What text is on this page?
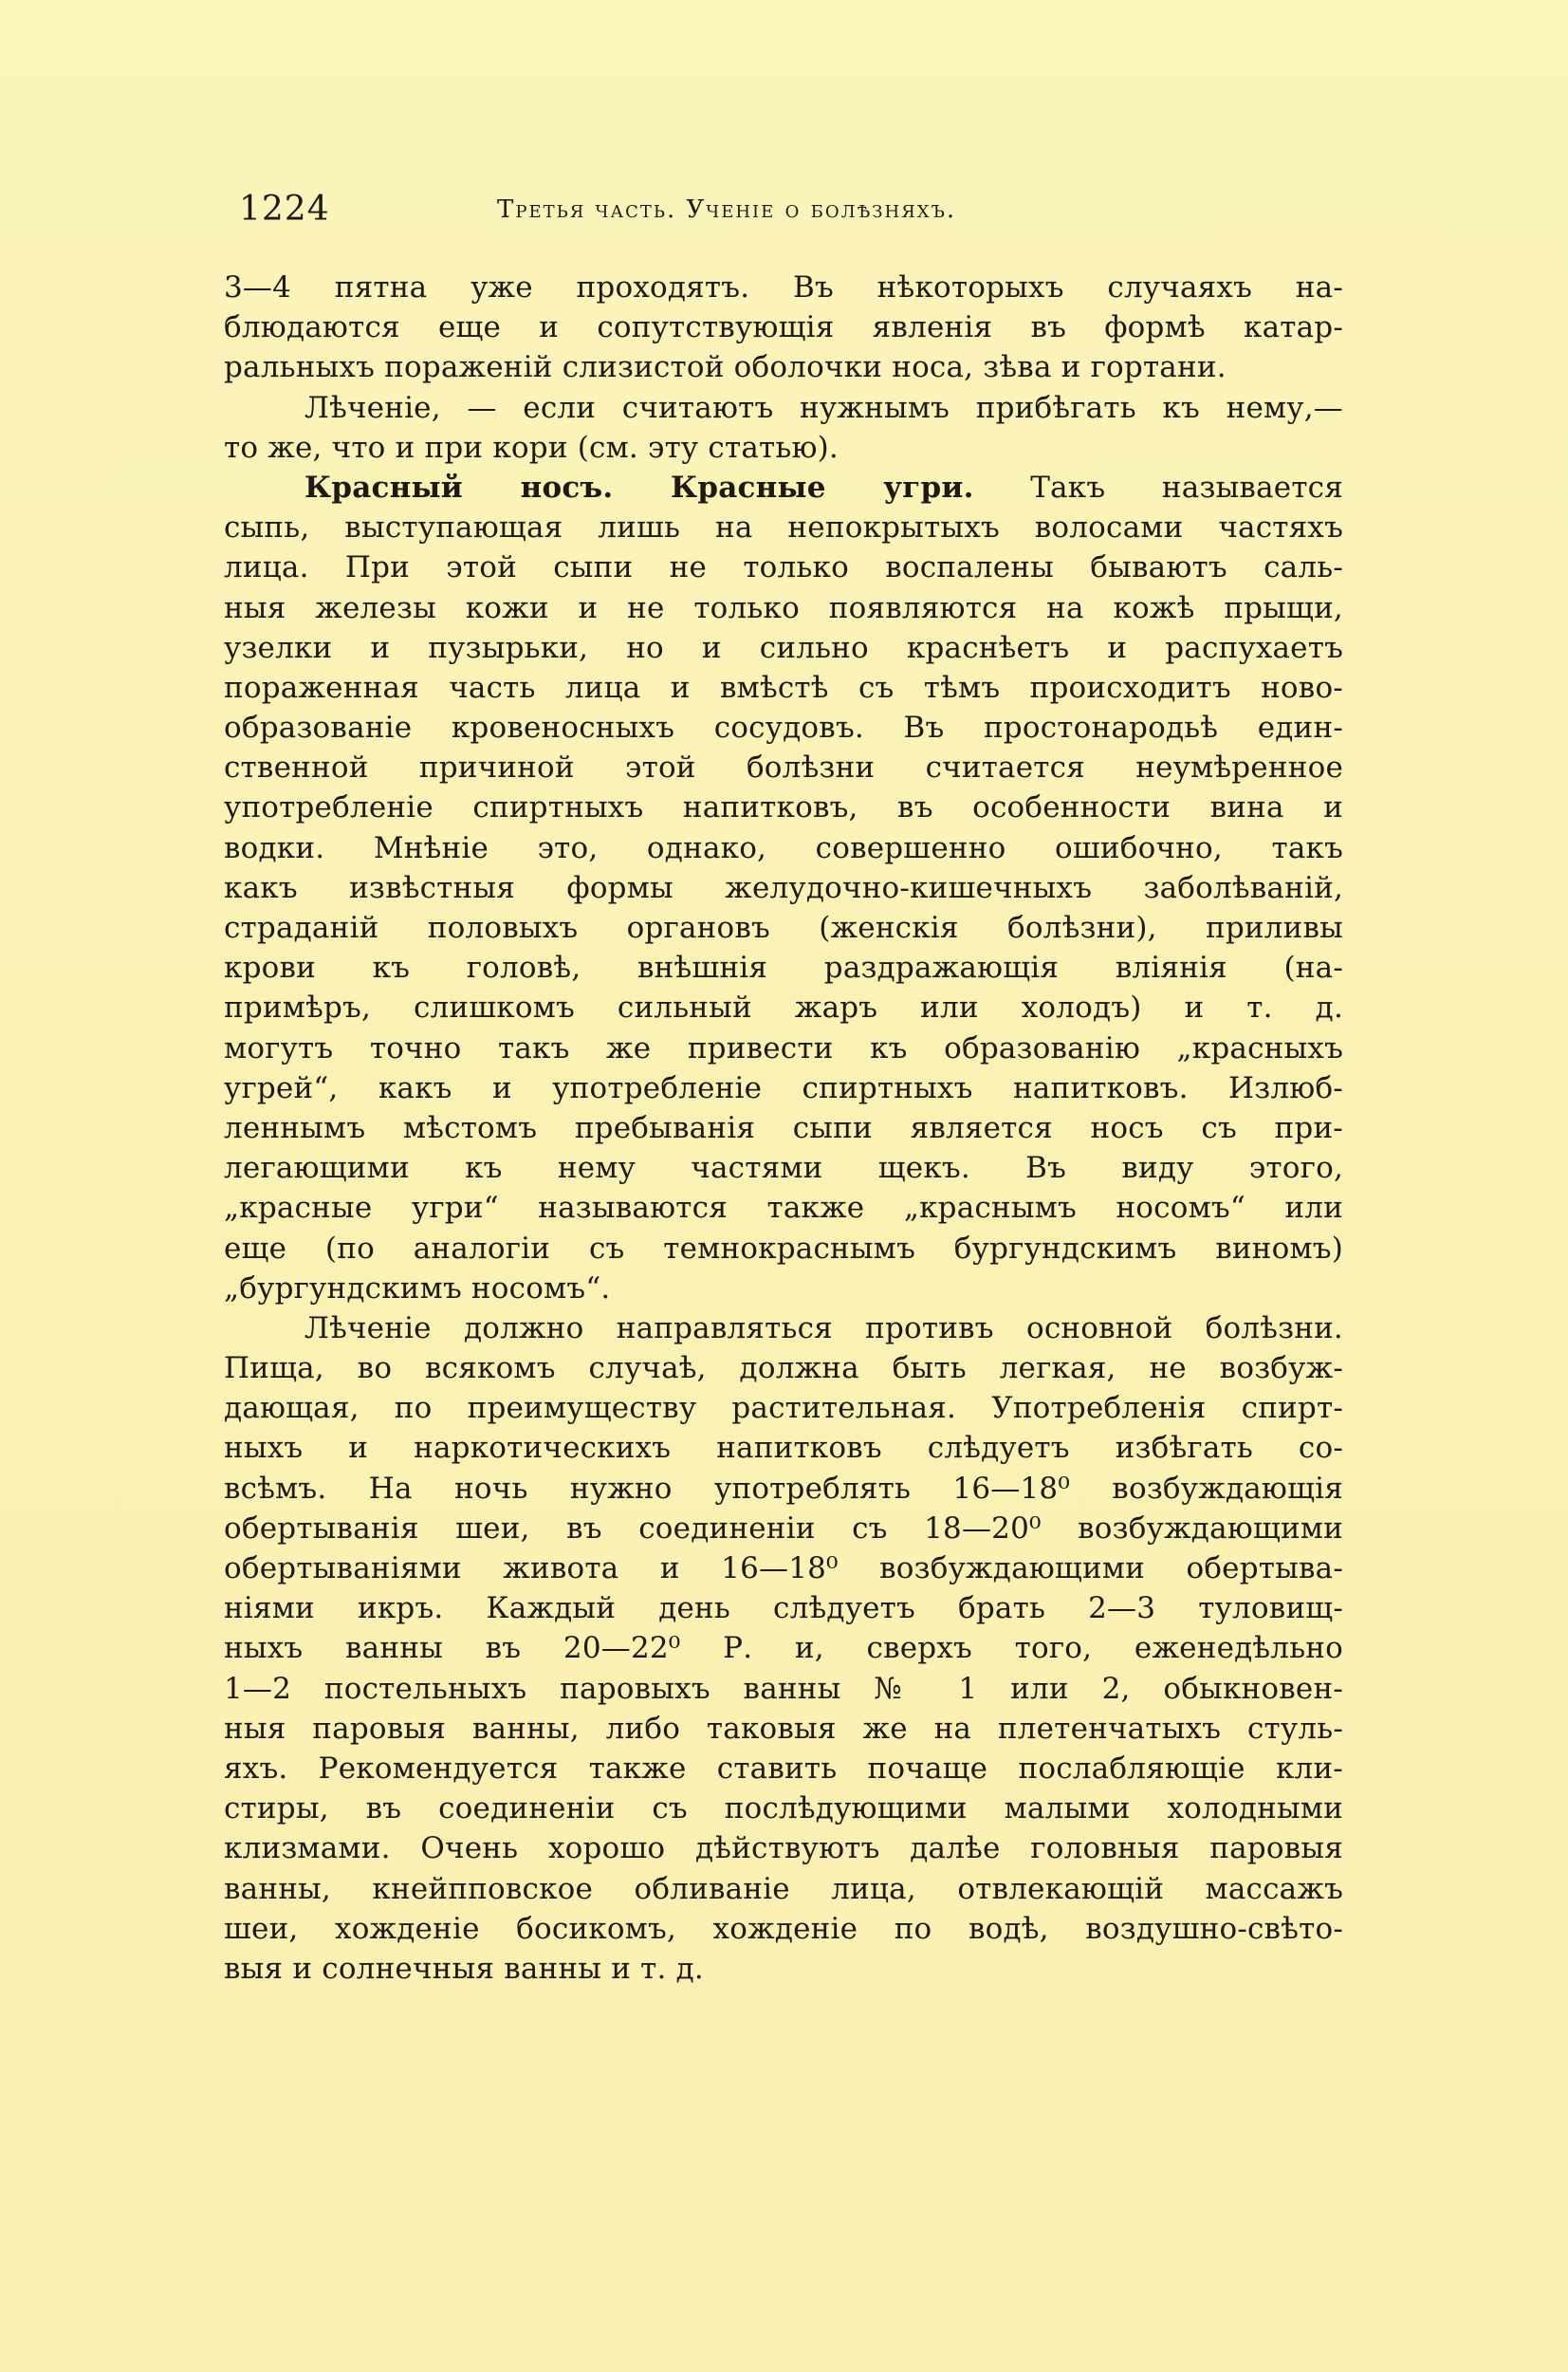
1224	Третья часть. Ученіе о болѣзняхъ.
3—4 пятна уже проходятъ. Въ нѣкоторыхъ случаяхъ на-
блюдаются еще и сопутствующія явленія въ формѣ катар-
ральныхъ пораженій слизистой оболочки носа, зѣва и гортани.
Лѣченіе, — если считаютъ нужнымъ прибѣгать къ нему,—
то же, что и при кори (см. эту статью).
Красный носъ. Красные угри. Такъ называется
сыпь, выступающая лишь на непокрытыхъ волосами частяхъ
лица. При этой сыпи не только воспалены бываютъ саль-
ныя железы кожи и не только появляются на кожѣ прыщи,
узелки и пузырьки, но и сильно краснѣетъ и распухаетъ
пораженная часть лица и вмѣстѣ съ тѣмъ происходитъ ново-
образованіе кровеносныхъ сосудовъ. Въ простонародьѣ един-
ственной причиной этой болѣзни считается неумѣренное
употребленіе спиртныхъ напитковъ, въ особенности вина и
водки. Мнѣніе это, однако, совершенно ошибочно, такъ
какъ извѣстныя формы желудочно-кишечныхъ заболѣваній,
страданій половыхъ органовъ (женскія болѣзни), приливы
крови къ головѣ, внѣшнія раздражающія вліянія (на-
примѣръ, слишкомъ сильный жаръ или холодъ) и т. д.
могутъ точно такъ же привести къ образованію „красныхъ
угрей“, какъ и употребленіе спиртныхъ напитковъ. Излюб-
леннымъ мѣстомъ пребыванія сыпи является носъ съ при-
легающими къ нему частями щекъ. Въ виду этого,
„красные угри“ называются также „краснымъ носомъ“ или
еще (по аналогіи съ темнокраснымъ бургундскимъ виномъ)
„бургундскимъ носомъ“.
Лѣченіе должно направляться противъ основной болѣзни.
Пища, во всякомъ случаѣ, должна быть легкая, не возбуж-
дающая, по преимуществу растительная. Употребленія спирт-
ныхъ и наркотическихъ напитковъ слѣдуетъ избѣгать со-
всѣмъ. На ночь нужно употреблять 16—18⁰ возбуждающія
обертыванія шеи, въ соединеніи съ 18—20⁰ возбуждающими
обертываніями живота и 16—18⁰ возбуждающими обертыва-
ніями икръ. Каждый день слѣдуетъ брать 2—3 туловищ-
ныхъ ванны въ 20—22⁰ Р. и, сверхъ того, еженедѣльно
1—2 постельныхъ паровыхъ ванны № 1 или 2, обыкновен-
ныя паровыя ванны, либо таковыя же на плетенчатыхъ стуль-
яхъ. Рекомендуется также ставить почаще послабляющіе кли-
стиры, въ соединеніи съ послѣдующими малыми холодными
клизмами. Очень хорошо дѣйствуютъ далѣе головныя паровыя
ванны, кнейпповское обливаніе лица, отвлекающій массажъ
шеи, хожденіе босикомъ, хожденіе по водѣ, воздушно-свѣто-
выя и солнечныя ванны и т. д.
